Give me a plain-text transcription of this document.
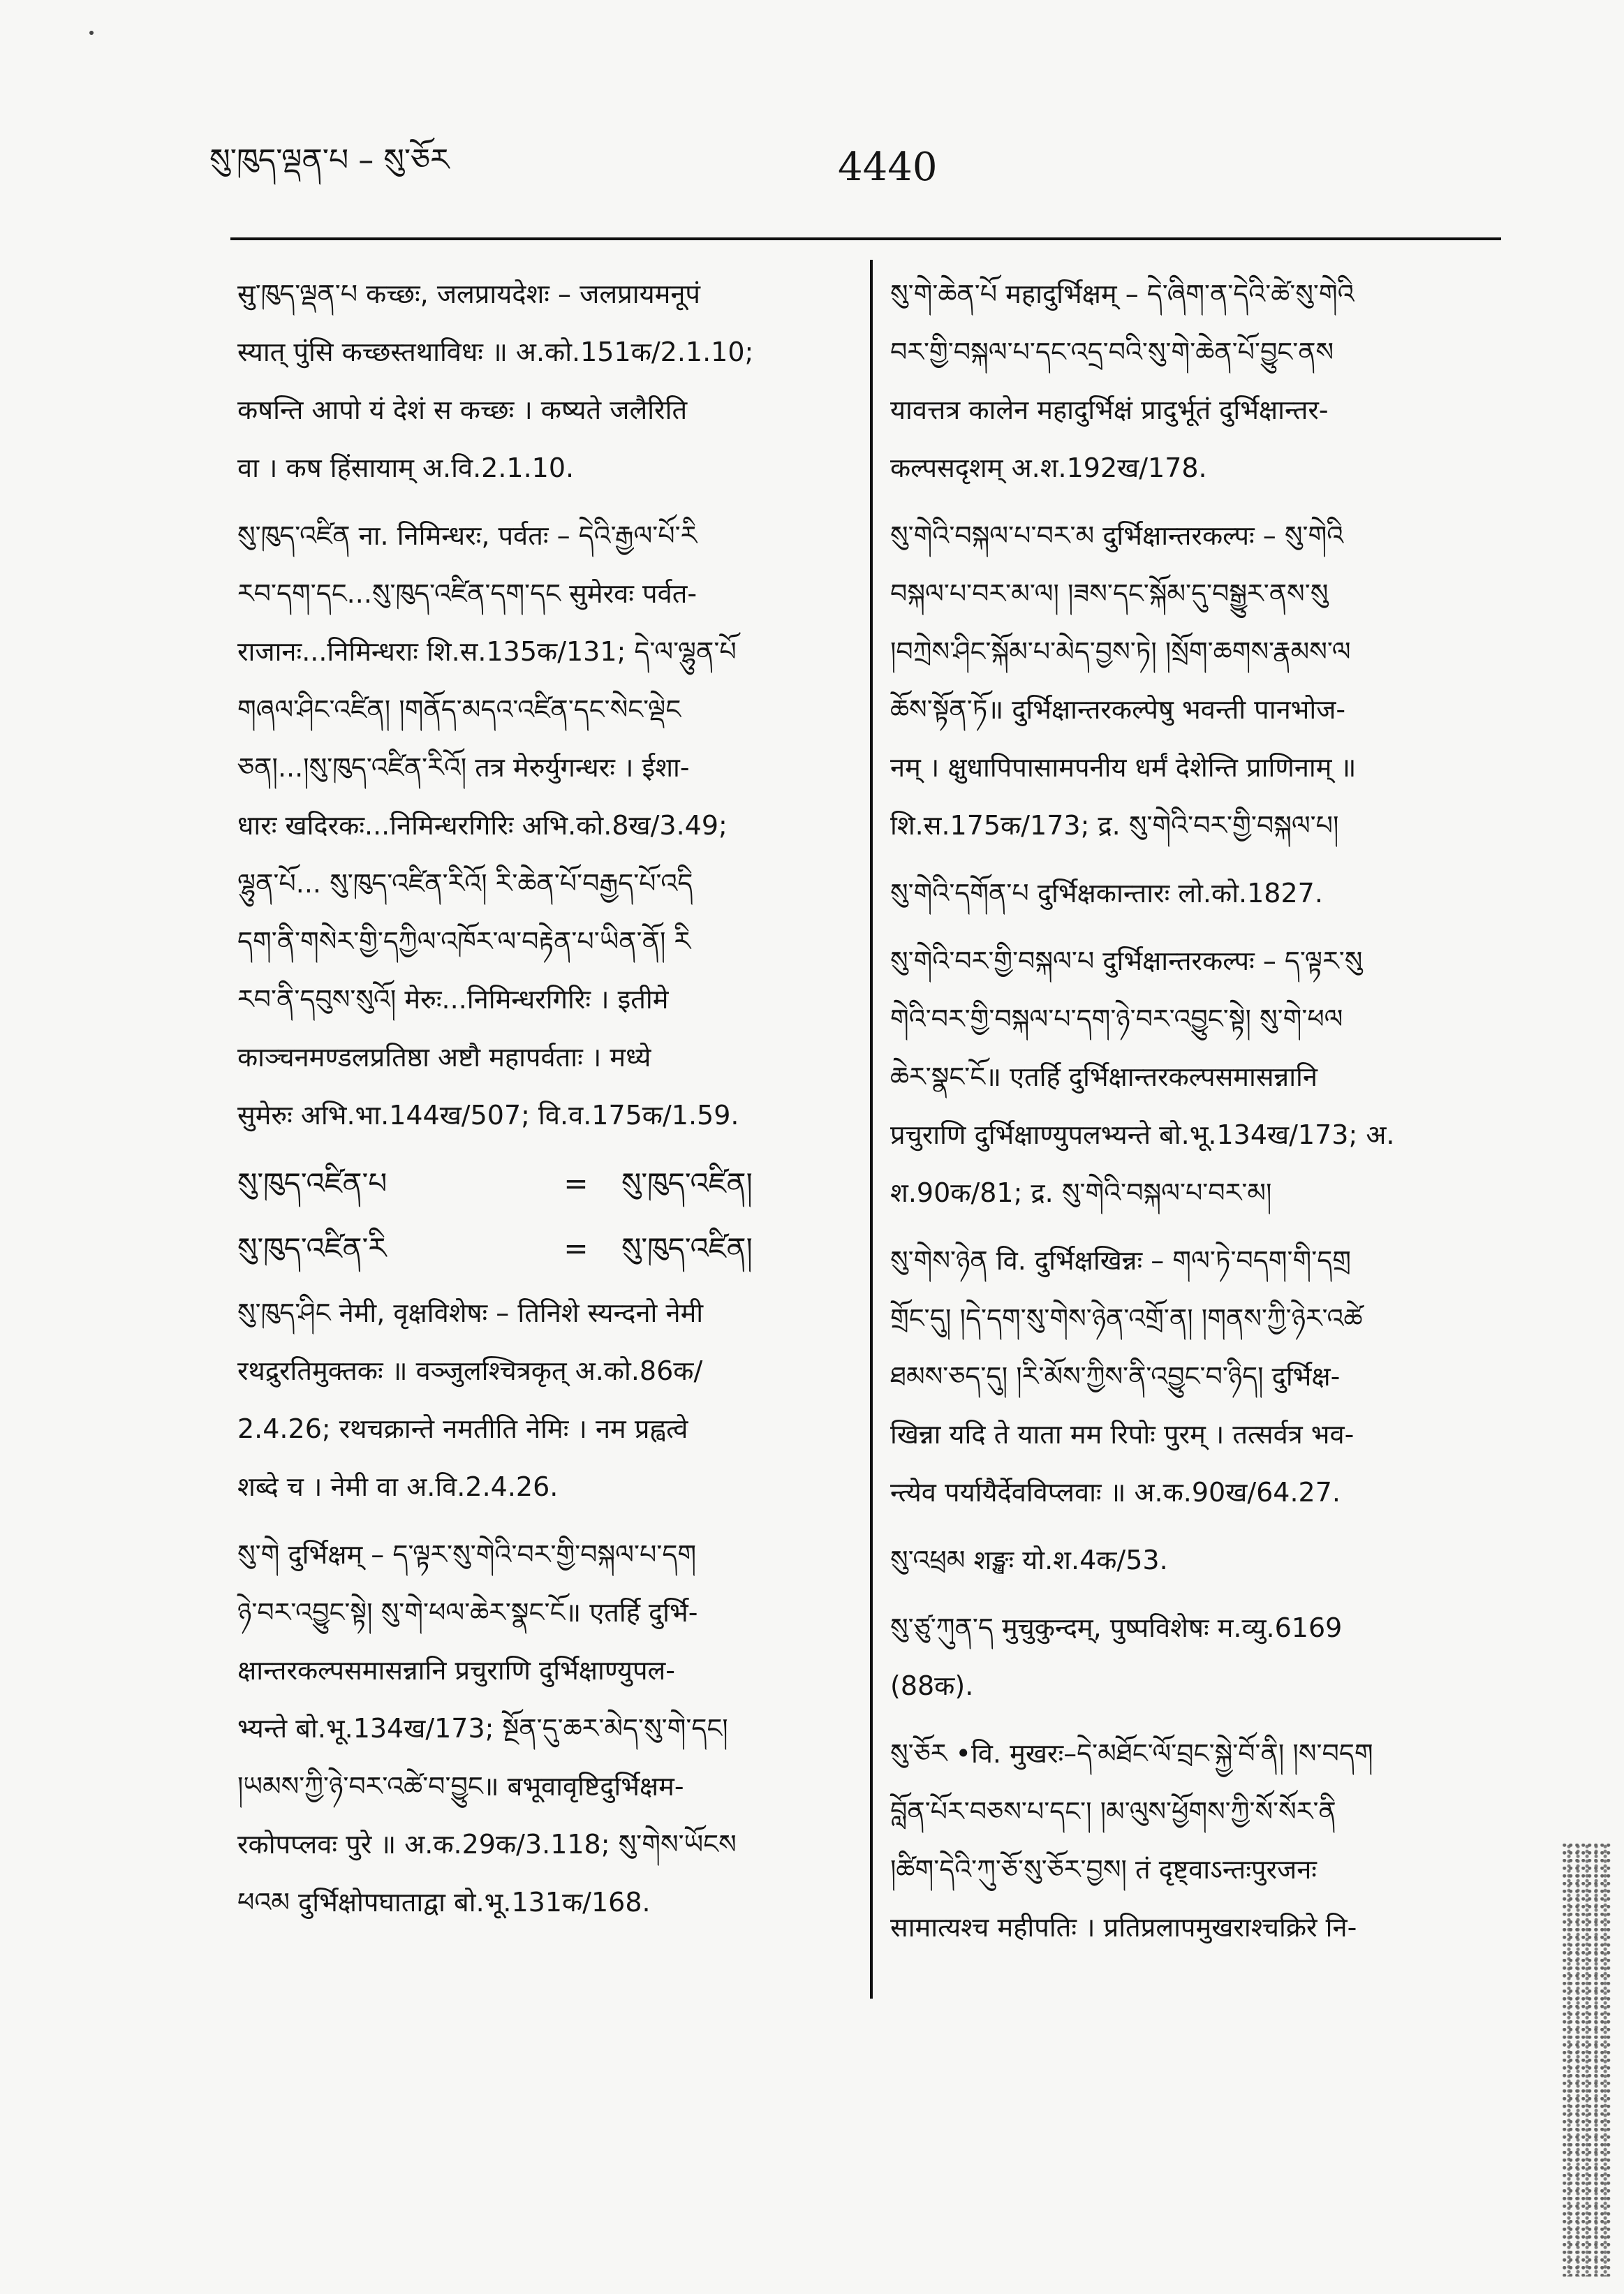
སུ་ཁུད་ལྡན་པ – སུ་ཅོར	4440

सु་ཁུད་ལྡན་པ कच्छः, जलप्रायदेशः – जलप्रायमनूपं

स्यात् पुंसि कच्छस्तथाविधः ॥ अ.को.151क/2.1.10;

कषन्ति आपो यं देशं स कच्छः । कष्यते जलैरिति

वा । कष हिंसायाम् अ.वि.2.1.10.

སུ་ཁུད་འཛིན ना. निमिन्धरः, पर्वतः – དེའི་རྒྱལ་པོ་རི

རབ་དག་དང...སུ་ཁུད་འཛིན་དག་དང सुमेरवः पर्वत-

राजानः...निमिन्धराः शि.स.135क/131; དེ་ལ་ལྷུན་པོ

གཞལ་ཤིང་འཛིན། །གནོད་མདའ་འཛིན་དང་སེང་ལྡེང

ཅན།...།སུ་ཁུད་འཛིན་རིའོ། तत्र मेरुर्युगन्धरः । ईशा-

धारः खदिरकः...निमिन्धरगिरिः अभि.को.8ख/3.49;

ལྷུན་པོ... སུ་ཁུད་འཛིན་རིའོ། རི་ཆེན་པོ་བརྒྱད་པོ་འདི

དག་ནི་གསེར་གྱི་དཀྱིལ་འཁོར་ལ་བརྟེན་པ་ཡིན་ནོ། རི

རབ་ནི་དབུས་སུའོ། मेरुः...निमिन्धरगिरिः । इतीमे

काञ्चनमण्डलप्रतिष्ठा अष्टौ महापर्वताः । मध्ये

सुमेरुः अभि.भा.144ख/507; वि.व.175क/1.59.

སུ་ཁུད་འཛིན་པ	=	སུ་ཁུད་འཛིན།
སུ་ཁུད་འཛིན་རི	=	སུ་ཁུད་འཛིན།

སུ་ཁུད་ཤིང नेमी, वृक्षविशेषः – तिनिशे स्यन्दनो नेमी

रथद्रुरतिमुक्तकः ॥ वञ्जुलश्चित्रकृत् अ.को.86क/

2.4.26; रथचक्रान्ते नमतीति नेमिः । नम प्रह्वत्वे

शब्दे च । नेमी वा अ.वि.2.4.26.

སུ་གེ दुर्भिक्षम् – ད་ལྟར་སུ་གེའི་བར་གྱི་བསྐལ་པ་དག

ཉེ་བར་འབྱུང་སྟེ། སུ་གེ་ཕལ་ཆེར་སྣང་ངོ॥ एतर्हि दुर्भि-

क्षान्तरकल्पसमासन्नानि प्रचुराणि दुर्भिक्षाण्युपल-

भ्यन्ते बो.भू.134ख/173; སྔོན་དུ་ཆར་མེད་སུ་གེ་དང།

།ཡམས་ཀྱི་ཉེ་བར་འཚེ་བ་བྱུང॥ बभूवावृष्टिदुर्भिक्षम-

रकोपप्लवः पुरे ॥ अ.क.29क/3.118; སུ་གེས་ཡོངས

ཕའམ दुर्भिक्षोपघाताद्वा बो.भू.131क/168.

སུ་གེ་ཆེན་པོ महादुर्भिक्षम् – དེ་ཞིག་ན་དེའི་ཚེ་སུ་གེའི

བར་གྱི་བསྐལ་པ་དང་འདྲ་བའི་སུ་གེ་ཆེན་པོ་བྱུང་ནས

यावत्तत्र कालेन महादुर्भिक्षं प्रादुर्भूतं दुर्भिक्षान्तर-

कल्पसदृशम् अ.श.192ख/178.

སུ་གེའི་བསྐལ་པ་བར་མ दुर्भिक्षान्तरकल्पः – སུ་གེའི

བསྐལ་པ་བར་མ་ལ། །ཟས་དང་སྐོམ་དུ་བསྒྱུར་ནས་སུ

།བཀྲེས་ཤིང་སྐོམ་པ་མེད་བྱས་ཏེ། །སྲོག་ཆགས་རྣམས་ལ

ཆོས་སྟོན་ཏོ॥ दुर्भिक्षान्तरकल्पेषु भवन्ती पानभोज-

नम् । क्षुधापिपासामपनीय धर्मं देशेन्ति प्राणिनाम् ॥

शि.स.175क/173; द्र. སུ་གེའི་བར་གྱི་བསྐལ་པ།

སུ་གེའི་དགོན་པ दुर्भिक्षकान्तारः लो.को.1827.

སུ་གེའི་བར་གྱི་བསྐལ་པ दुर्भिक्षान्तरकल्पः – ད་ལྟར་སུ

གེའི་བར་གྱི་བསྐལ་པ་དག་ཉེ་བར་འབྱུང་སྟེ། སུ་གེ་ཕལ

ཆེར་སྣང་ངོ॥ एतर्हि दुर्भिक्षान्तरकल्पसमासन्नानि

प्रचुराणि दुर्भिक्षाण्युपलभ्यन्ते बो.भू.134ख/173; अ.

श.90क/81; द्र. སུ་གེའི་བསྐལ་པ་བར་མ།

སུ་གེས་ཉེན वि. दुर्भिक्षखिन्नः – གལ་ཏེ་བདག་གི་དགྲ

གྲོང་དུ། །དེ་དག་སུ་གེས་ཉེན་འགྲོ་ན། །གནས་ཀྱི་ཉེར་འཚེ

ཐམས་ཅད་དུ། །རི་མོས་ཀྱིས་ནི་འབྱུང་བ་ཉིད། दुर्भिक्ष-

खिन्ना यदि ते याता मम रिपोः पुरम् । तत्सर्वत्र भव-

न्त्येव पर्यायैर्देवविप्लवाः ॥ अ.क.90ख/64.27.

སུ་འཕྲམ शङ्खः यो.श.4क/53.

སུ་ཙུ་ཀུན་ད मुचुकुन्दम्, पुष्पविशेषः म.व्यु.6169

(88क).

སུ་ཅོར •वि. मुखरः–དེ་མཐོང་ལོ་བྲང་སྐྱེ་བོ་ནི། །ས་བདག

བློན་པོར་བཅས་པ་དང་། །མ་ལུས་ཕྱོགས་ཀྱི་སོ་སོར་ནི

།ཚིག་དེའི་ཀུ་ཅོ་སུ་ཅོར་བྱས། तं दृष्ट्वाऽन्तःपुरजनः

सामात्यश्च महीपतिः । प्रतिप्रलापमुखराश्चक्रिरे नि-
